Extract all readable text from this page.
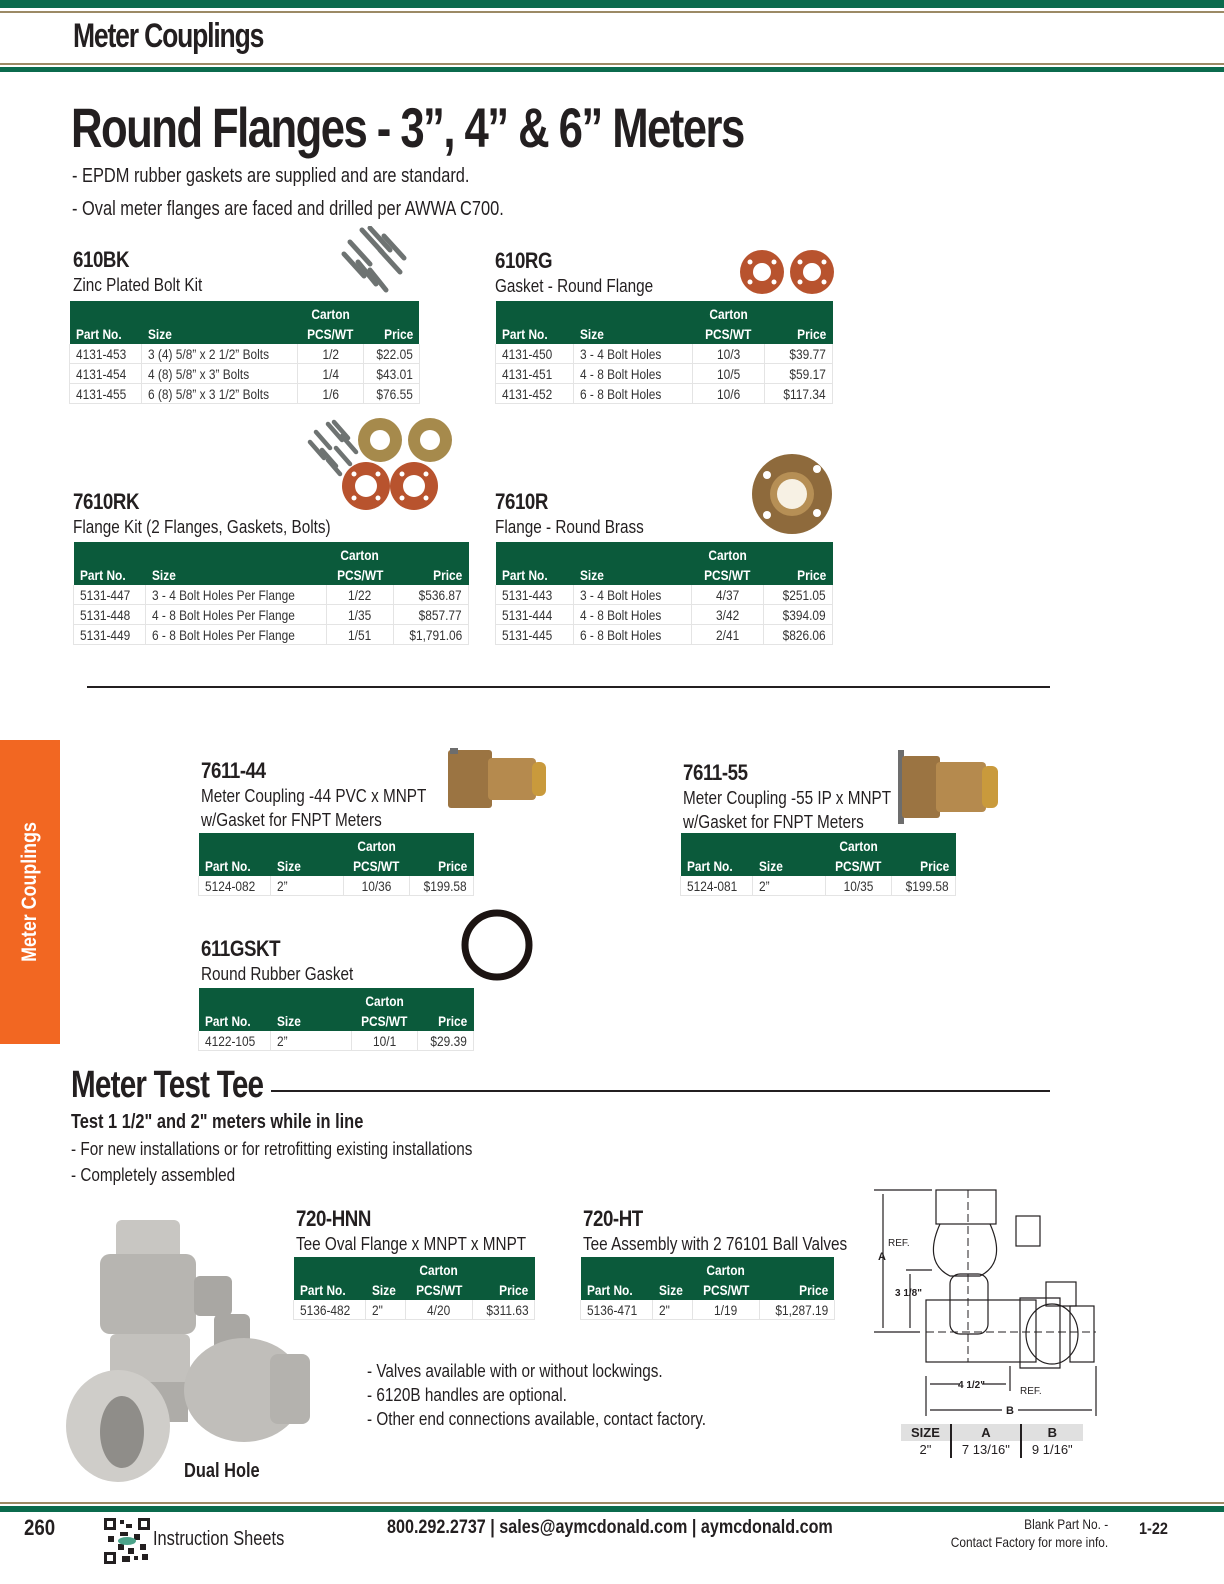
Meter Couplings
Round Flanges - 3”, 4” & 6” Meters
- EPDM rubber gaskets are supplied and are standard.
- Oval meter flanges are faced and drilled per AWWA C700.
610BK
Zinc Plated Bolt Kit
		Carton	
Part No.	Size	PCS/WT	Price
4131-453	3 (4) 5/8” x 2 1/2” Bolts	1/2	$22.05
4131-454	4 (8) 5/8” x 3” Bolts	1/4	$43.01
4131-455	6 (8) 5/8” x 3 1/2” Bolts	1/6	$76.55
610RG
Gasket - Round Flange
		Carton	
Part No.	Size	PCS/WT	Price
4131-450	3 - 4 Bolt Holes	10/3	$39.77
4131-451	4 - 8 Bolt Holes	10/5	$59.17
4131-452	6 - 8 Bolt Holes	10/6	$117.34
7610RK
Flange Kit (2 Flanges, Gaskets, Bolts)
		Carton	
Part No.	Size	PCS/WT	Price
5131-447	3 - 4 Bolt Holes Per Flange	1/22	$536.87
5131-448	4 - 8 Bolt Holes Per Flange	1/35	$857.77
5131-449	6 - 8 Bolt Holes Per Flange	1/51	$1,791.06
7610R
Flange - Round Brass
		Carton	
Part No.	Size	PCS/WT	Price
5131-443	3 - 4 Bolt Holes	4/37	$251.05
5131-444	4 - 8 Bolt Holes	3/42	$394.09
5131-445	6 - 8 Bolt Holes	2/41	$826.06
Meter Couplings
7611-44
Meter Coupling -44 PVC x MNPT
w/Gasket for FNPT Meters
		Carton	
Part No.	Size	PCS/WT	Price
5124-082	2”	10/36	$199.58
7611-55
Meter Coupling -55 IP x MNPT
w/Gasket for FNPT Meters
		Carton	
Part No.	Size	PCS/WT	Price
5124-081	2”	10/35	$199.58
611GSKT
Round Rubber Gasket
		Carton	
Part No.	Size	PCS/WT	Price
4122-105	2”	10/1	$29.39
Meter Test Tee
Test 1 1/2" and 2" meters while in line
- For new installations or for retrofitting existing installations
- Completely assembled
Dual Hole
720-HNN
Tee Oval Flange x MNPT x MNPT
		Carton	
Part No.	Size	PCS/WT	Price
5136-482	2"	4/20	$311.63
720-HT
Tee Assembly with 2 76101 Ball Valves
		Carton	
Part No.	Size	PCS/WT	Price
5136-471	2"	1/19	$1,287.19
- Valves available with or without lockwings.
- 6120B handles are optional.
- Other end connections available, contact factory.
REF.
A
3 1/8"
4 1/2"
REF.
B
SIZE	A	B
2"	7 13/16"	9 1/16"
260	Instruction Sheets
800.292.2737 | sales@aymcdonald.com | aymcdonald.com	Blank Part No. -
Contact Factory for more info.
1-22
